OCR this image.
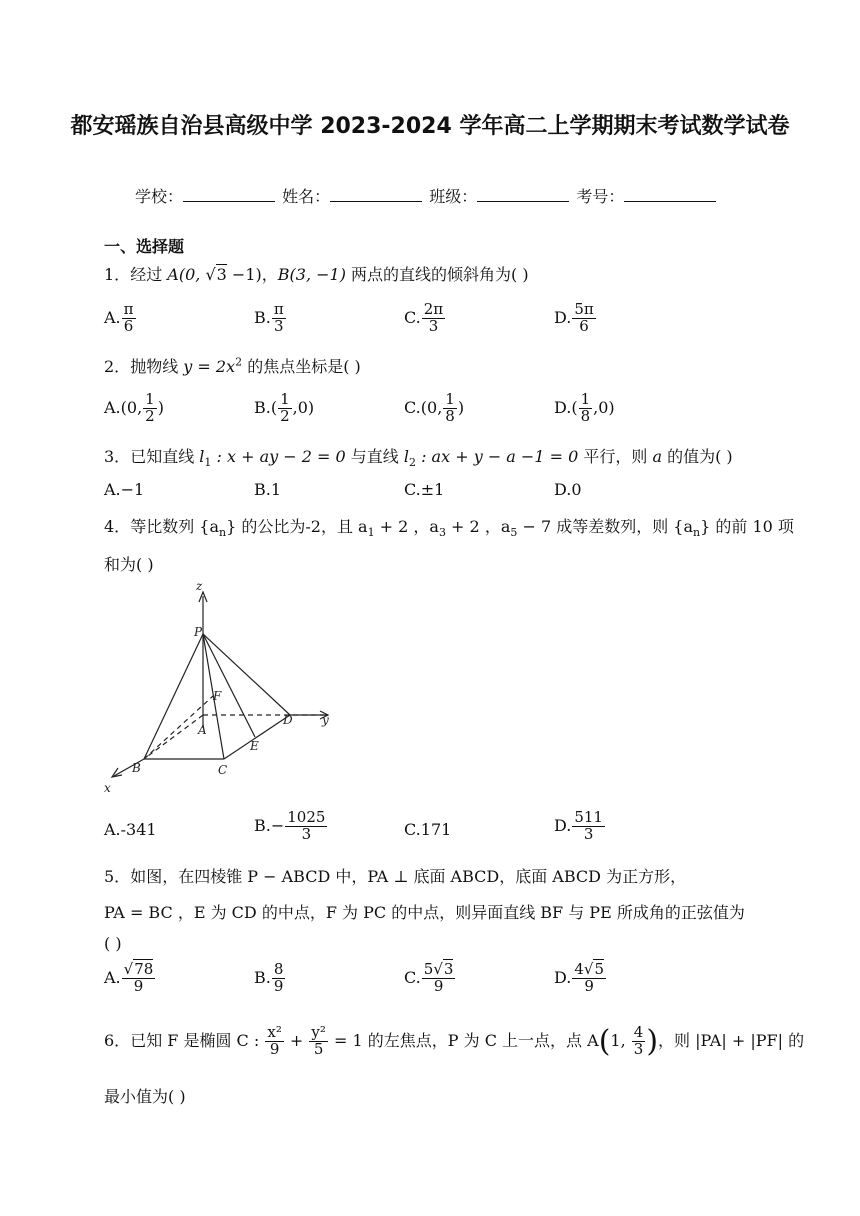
都安瑶族自治县高级中学 2023-2024 学年高二上学期期末考试数学试卷
学校：	姓名：	班级：	考号：
一、选择题
1．经过 A(0, √3 −1)，B(3, −1) 两点的直线的倾斜角为( )
A. $\frac{\pi}{6}$	B. $\frac{\pi}{3}$	C. $\frac{2\pi}{3}$	D. $\frac{5\pi}{6}$
2．抛物线 $y = 2x^2$ 的焦点坐标是( )
A.(0, $\frac{1}{2}$ )	$B.( \frac{1}{2} ,0)$	C.(0, $\frac{1}{8}$ )	$D.( \frac{1}{8} ,0)$
3．已知直线 $l_1$ : x + ay − 2 = 0 与直线 $l_2$ : ax + y − a −1 = 0 平行，则 a 的值为( )
A.−1	B.1	C.±1	D.0
4．等比数列 $\{a_n\}$ 的公比为-2，且 $a_1 + 2$ ，$a_3 + 2$ ，$a_5 - 7$ 成等差数列，则 $\{a_n\}$ 的前 10 项
和为( )
z
P
F
A
D y
E
B	C
x
A.-341	$B.- \frac{1025}{3}$	C.171	D. $\frac{511}{3}$
5．如图，在四棱锥 P − ABCD 中，PA ⊥ 底面 ABCD，底面 ABCD 为正方形，
PA = BC ，E 为 CD 的中点，F 为 PC 的中点，则异面直线 BF 与 PE 所成角的正弦值为
( )
A. $\frac{√78}{9}$	B. $\frac{8}{9}$	C. $\frac{5√3}{9}$	D. $\frac{4√5}{9}$
6．已知 F 是椭圆 C : $\frac{\text{x²}}{9} + \frac{\text{y²}}{5} = 1$ 的左焦点，P 为 C 上一点，点 A(1, $\frac{4}{3}$ )，则 |PA| + |PF| 的
最小值为( )
